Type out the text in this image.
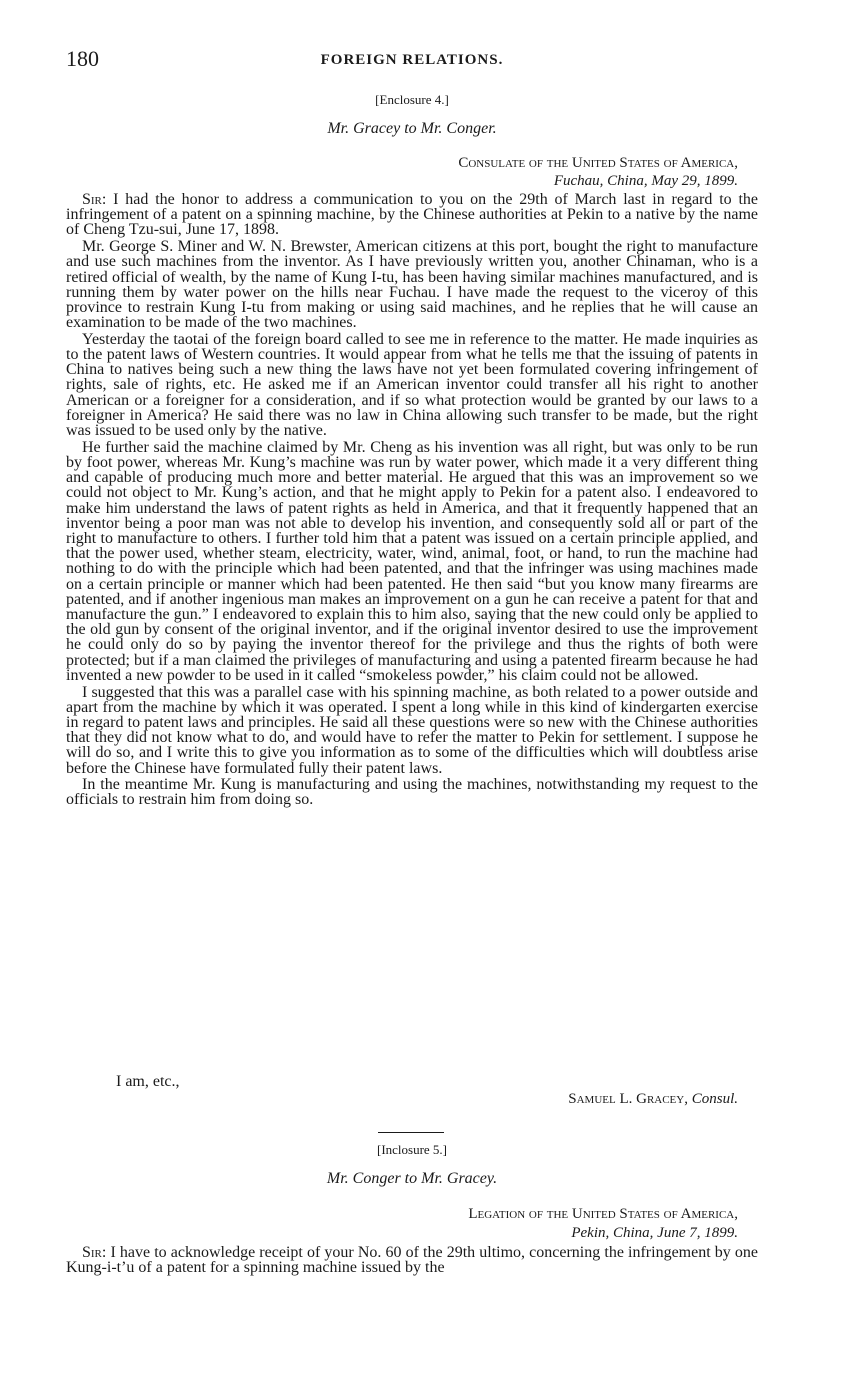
180	FOREIGN RELATIONS.
[Enclosure 4.]
Mr. Gracey to Mr. Conger.
Consulate of the United States of America,
Fuchau, China, May 29, 1899.

Sir: I had the honor to address a communication to you on the 29th of March last in regard to the infringement of a patent on a spinning machine, by the Chinese authorities at Pekin to a native by the name of Cheng Tzu-sui, June 17, 1898.

Mr. George S. Miner and W. N. Brewster, American citizens at this port, bought the right to manufacture and use such machines from the inventor. As I have previously written you, another Chinaman, who is a retired official of wealth, by the name of Kung I-tu, has been having similar machines manufactured, and is running them by water power on the hills near Fuchau. I have made the request to the viceroy of this province to restrain Kung I-tu from making or using said machines, and he replies that he will cause an examination to be made of the two machines.

Yesterday the taotai of the foreign board called to see me in reference to the matter. He made inquiries as to the patent laws of Western countries. It would appear from what he tells me that the issuing of patents in China to natives being such a new thing the laws have not yet been formulated covering infringement of rights, sale of rights, etc. He asked me if an American inventor could transfer all his right to another American or a foreigner for a consideration, and if so what protection would be granted by our laws to a foreigner in America? He said there was no law in China allowing such transfer to be made, but the right was issued to be used only by the native.

He further said the machine claimed by Mr. Cheng as his invention was all right, but was only to be run by foot power, whereas Mr. Kung’s machine was run by water power, which made it a very different thing and capable of producing much more and better material. He argued that this was an improvement so we could not object to Mr. Kung’s action, and that he might apply to Pekin for a patent also. I endeavored to make him understand the laws of patent rights as held in America, and that it frequently happened that an inventor being a poor man was not able to develop his invention, and consequently sold all or part of the right to manufacture to others. I further told him that a patent was issued on a certain principle applied, and that the power used, whether steam, electricity, water, wind, animal, foot, or hand, to run the machine had nothing to do with the principle which had been patented, and that the infringer was using machines made on a certain principle or manner which had been patented. He then said “but you know many firearms are patented, and if another ingenious man makes an improvement on a gun he can receive a patent for that and manufacture the gun.” I endeavored to explain this to him also, saying that the new could only be applied to the old gun by consent of the original inventor, and if the original inventor desired to use the improvement he could only do so by paying the inventor thereof for the privilege and thus the rights of both were protected; but if a man claimed the privileges of manufacturing and using a patented firearm because he had invented a new powder to be used in it called “smokeless powder,” his claim could not be allowed.

I suggested that this was a parallel case with his spinning machine, as both related to a power outside and apart from the machine by which it was operated. I spent a long while in this kind of kindergarten exercise in regard to patent laws and principles. He said all these questions were so new with the Chinese authorities that they did not know what to do, and would have to refer the matter to Pekin for settlement. I suppose he will do so, and I write this to give you information as to some of the difficulties which will doubtless arise before the Chinese have formulated fully their patent laws.

In the meantime Mr. Kung is manufacturing and using the machines, notwithstanding my request to the officials to restrain him from doing so.

I am, etc.,
Samuel L. Gracey, Consul.
[Inclosure 5.]
Mr. Conger to Mr. Gracey.
Legation of the United States of America,
Pekin, China, June 7, 1899.

Sir: I have to acknowledge receipt of your No. 60 of the 29th ultimo, concerning the infringement by one Kung-i-t’u of a patent for a spinning machine issued by the
